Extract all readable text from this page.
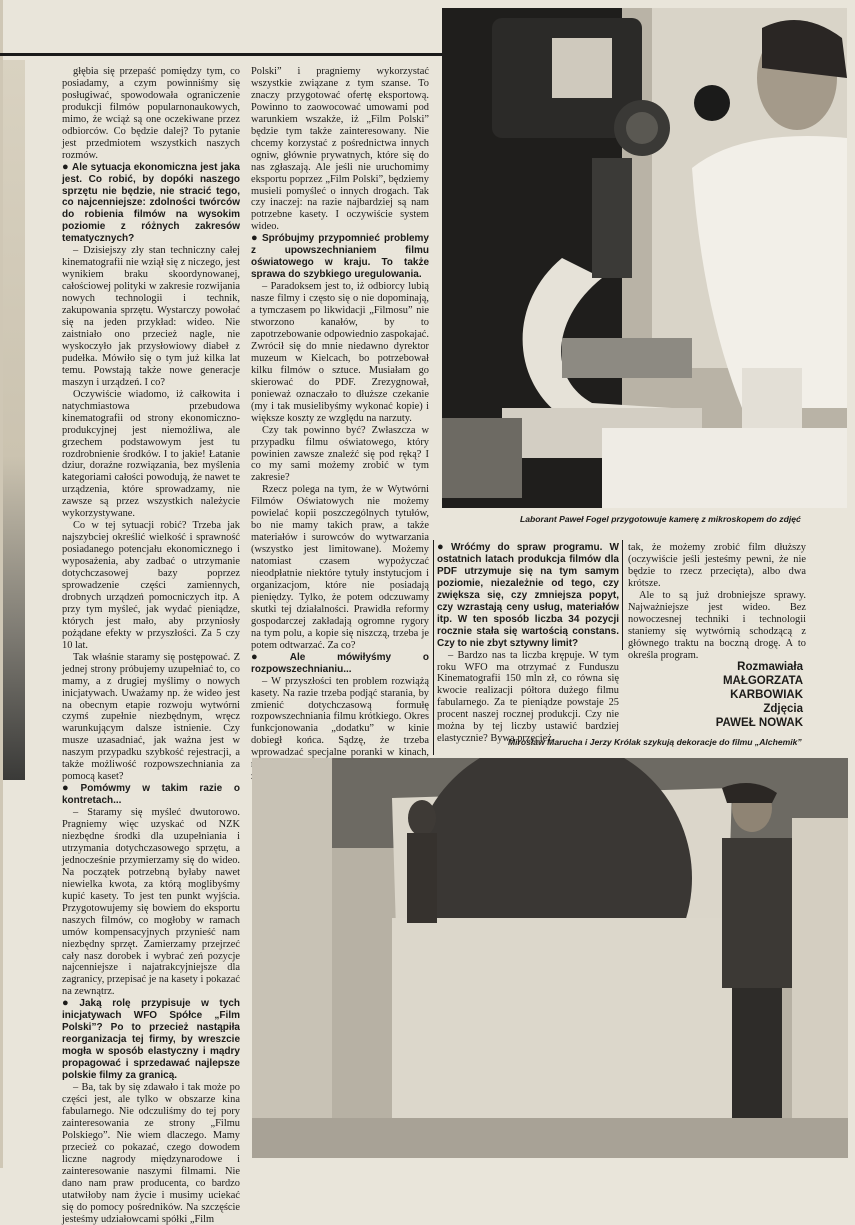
Laborant Paweł Fogel przygotowuje kamerę z mikroskopem do zdjęć

głębia się przepaść pomiędzy tym, co posiadamy, a czym powinniśmy się posługiwać, spowodowała ograniczenie produkcji filmów popularnonaukowych, mimo, że wciąż są one oczekiwane przez odbiorców. Co będzie dalej? To pytanie jest przedmiotem wszystkich naszych rozmów.

● Ale sytuacja ekonomiczna jest jaka jest. Co robić, by dopóki naszego sprzętu nie będzie, nie stracić tego, co najcenniejsze: zdolności twórców do robienia filmów na wysokim poziomie z różnych zakresów tematycznych?

– Dzisiejszy zły stan techniczny całej kinematografii nie wziął się z niczego, jest wynikiem braku skoordynowanej, całościowej polityki w zakresie rozwijania nowych technologii i technik, zakupowania sprzętu. Wystarczy powołać się na jeden przykład: wideo. Nie zaistniało ono przecież nagle, nie wyskoczyło jak przysłowiowy diabeł z pudełka. Mówiło się o tym już kilka lat temu. Powstają także nowe generacje maszyn i urządzeń. I co?

Oczywiście wiadomo, iż całkowita i natychmiastowa przebudowa kinematografii od strony ekonomiczno-produkcyjnej jest niemożliwa, ale grzechem podstawowym jest tu rozdrobnienie środków. I to jakie! Łatanie dziur, doraźne rozwiązania, bez myślenia kategoriami całości powodują, że nawet te urządzenia, które sprowadzamy, nie zawsze są przez wszystkich należycie wykorzystywane.

Co w tej sytuacji robić? Trzeba jak najszybciej określić wielkość i sprawność posiadanego potencjału ekonomicznego i wyposażenia, aby zadbać o utrzymanie dotychczasowej bazy poprzez sprowadzenie części zamiennych, drobnych urządzeń pomocniczych itp. A przy tym myśleć, jak wydać pieniądze, których jest mało, aby przyniosły pożądane efekty w przyszłości. Za 5 czy 10 lat.

Tak właśnie staramy się postępować. Z jednej strony próbujemy uzupełniać to, co mamy, a z drugiej myślimy o nowych inicjatywach. Uważamy np. że wideo jest na obecnym etapie rozwoju wytwórni czymś zupełnie niezbędnym, wręcz warunkującym dalsze istnienie. Czy musze uzasadniać, jak ważna jest w naszym przypadku szybkość rejestracji, a także możliwość rozpowszechniania za pomocą kaset?

● Pomówmy w takim razie o kontretach...

– Staramy się myśleć dwutorowo. Pragniemy więc uzyskać od NZK niezbędne środki dla uzupełniania i utrzymania dotychczasowego sprzętu, a jednocześnie przymierzamy się do wideo. Na początek potrzebną byłaby nawet niewielka kwota, za którą moglibyśmy kupić kasety. To jest ten punkt wyjścia. Przygotowujemy się bowiem do eksportu naszych filmów, co mogłoby w ramach umów kompensacyjnych przynieść nam niezbędny sprzęt. Zamierzamy przejrzeć cały nasz dorobek i wybrać zeń pozycje najcenniejsze i najatrakcyjniejsze dla zagranicy, przepisać je na kasety i pokazać na zewnątrz.

● Jaką rolę przypisuje w tych inicjatywach WFO Spółce „Film Polski”? Po to przecież nastąpiła reorganizacja tej firmy, by wreszcie mogła w sposób elastyczny i mądry propagować i sprzedawać najlepsze polskie filmy za granicą.

– Ba, tak by się zdawało i tak może po części jest, ale tylko w obszarze kina fabularnego. Nie odczuliśmy do tej pory zainteresowania ze strony „Filmu Polskiego”. Nie wiem dlaczego. Mamy przecież co pokazać, czego dowodem liczne nagrody międzynarodowe i zainteresowanie naszymi filmami. Nie dano nam praw producenta, co bardzo utatwiłoby nam życie i musimy uciekać się do pomocy pośredników. Na szczęście jesteśmy udziałowcami spółki „Film

Polski” i pragniemy wykorzystać wszystkie związane z tym szanse. To znaczy przygotować ofertę eksportową. Powinno to zaowocować umowami pod warunkiem wszakże, iż „Film Polski” będzie tym także zainteresowany. Nie chcemy korzystać z pośrednictwa innych ogniw, głównie prywatnych, które się do nas zgłaszają. Ale jeśli nie uruchomimy eksportu poprzez „Film Polski”, będziemy musieli pomyśleć o innych drogach. Tak czy inaczej: na razie najbardziej są nam potrzebne kasety. I oczywiście system wideo.

● Spróbujmy przypomnieć problemy z upowszechnianiem filmu oświatowego w kraju. To także sprawa do szybkiego uregulowania.

– Paradoksem jest to, iż odbiorcy lubią nasze filmy i często się o nie dopominają, a tymczasem po likwidacji „Filmosu” nie stworzono kanałów, by to zapotrzebowanie odpowiednio zaspokajać. Zwrócił się do mnie niedawno dyrektor muzeum w Kielcach, bo potrzebował kilku filmów o sztuce. Musiałam go skierować do PDF. Zrezygnował, ponieważ oznaczało to dłuższe czekanie (my i tak musielibyśmy wykonać kopie) i większe koszty ze względu na narzuty.

Czy tak powinno być? Zwłaszcza w przypadku filmu oświatowego, który powinien zawsze znaleźć się pod ręką? I co my sami możemy zrobić w tym zakresie?

Rzecz polega na tym, że w Wytwórni Filmów Oświatowych nie możemy powielać kopii poszczególnych tytułów, bo nie mamy takich praw, a także materiałów i surowców do wytwarzania (wszystko jest limitowane). Możemy natomiast czasem wypożyczać nieodpłatnie niektóre tytuły instytucjom i organizacjom, które nie posiadają pieniędzy. Tylko, że potem odczuwamy skutki tej działalności. Prawidła reformy gospodarczej zakładają ogromne rygory na tym polu, a kopie się niszczą, trzeba je potem odtwarzać. Za co?

● Ale mówiłyśmy o rozpowszechnianiu...

– W przyszłości ten problem rozwiążą kasety. Na razie trzeba podjąć starania, by zmienić dotychczasową formułę rozpowszechniania filmu krótkiego. Okres funkcjonowania „dodatku” w kinie dobiegł końca. Sądzę, że trzeba wprowadzać specjalne poranki w kinach,

● Wróćmy do spraw programu. W ostatnich latach produkcja filmów dla PDF utrzymuje się na tym samym poziomie, niezależnie od tego, czy zwiększa się, czy zmniejsza popyt, czy wzrastają ceny usług, materiałów itp. W ten sposób liczba 34 pozycji rocznie stała się wartością constans. Czy to nie zbyt sztywny limit?

– Bardzo nas ta liczba krępuje. W tym roku WFO ma otrzymać z Funduszu Kinematografii 150 mln zł, co równa się kwocie realizacji półtora dużego filmu fabularnego. Za te pieniądze powstaje 25 procent naszej rocznej produkcji. Czy nie można by tej liczby ustawić bardziej elastycznie? Bywa przecież

tak, że możemy zrobić film dłuższy (oczywiście jeśli jesteśmy pewni, że nie będzie to rzecz przecięta), albo dwa krótsze.

Ale to są już drobniejsze sprawy. Najważniejsze jest wideo. Bez nowoczesnej techniki i technologii staniemy się wytwórnią schodzącą z głównego traktu na boczną drogę. A to określa program.

Rozmawiała
MAŁGORZATA
KARBOWIAK
Zdjęcia
PAWEŁ NOWAK
Mirosław Marucha i Jerzy Królak szykują dekoracje do filmu „Alchemik”
